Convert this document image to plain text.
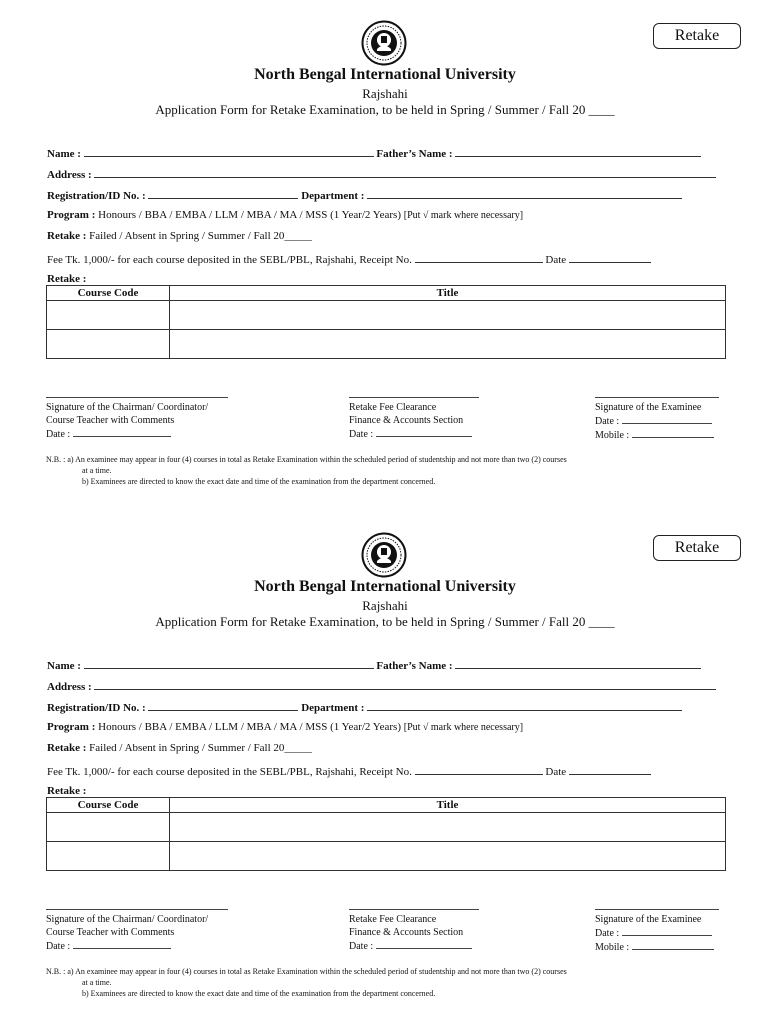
Retake
North Bengal International University
Rajshahi
Application Form for Retake Examination, to be held in Spring / Summer / Fall 20 ____
Name :	Father’s Name :
Address :
Registration/ID No. :	Department :
Program : Honours / BBA / EMBA / LLM / MBA / MA / MSS (1 Year/2 Years) [Put √ mark where necessary]
Retake : Failed / Absent in Spring / Summer / Fall 20_____
Fee Tk. 1,000/- for each course deposited in the SEBL/PBL, Rajshahi, Receipt No.	Date
Retake :
Course Code	Title

Signature of the Chairman/ Coordinator/
Course Teacher with Comments
Date :
Retake Fee Clearance
Finance & Accounts Section
Date :
Signature of the Examinee
Date :
Mobile :
N.B. : a) An examinee may appear in four (4) courses in total as Retake Examination within the scheduled period of studentship and not more than two (2) courses
at a time.
b) Examinees are directed to know the exact date and time of the examination from the department concerned.
Retake
North Bengal International University
Rajshahi
Application Form for Retake Examination, to be held in Spring / Summer / Fall 20 ____
Name :	Father’s Name :
Address :
Registration/ID No. :	Department :
Program : Honours / BBA / EMBA / LLM / MBA / MA / MSS (1 Year/2 Years) [Put √ mark where necessary]
Retake : Failed / Absent in Spring / Summer / Fall 20_____
Fee Tk. 1,000/- for each course deposited in the SEBL/PBL, Rajshahi, Receipt No.	Date
Retake :
Course Code	Title

Signature of the Chairman/ Coordinator/
Course Teacher with Comments
Date :
Retake Fee Clearance
Finance & Accounts Section
Date :
Signature of the Examinee
Date :
Mobile :
N.B. : a) An examinee may appear in four (4) courses in total as Retake Examination within the scheduled period of studentship and not more than two (2) courses
at a time.
b) Examinees are directed to know the exact date and time of the examination from the department concerned.
